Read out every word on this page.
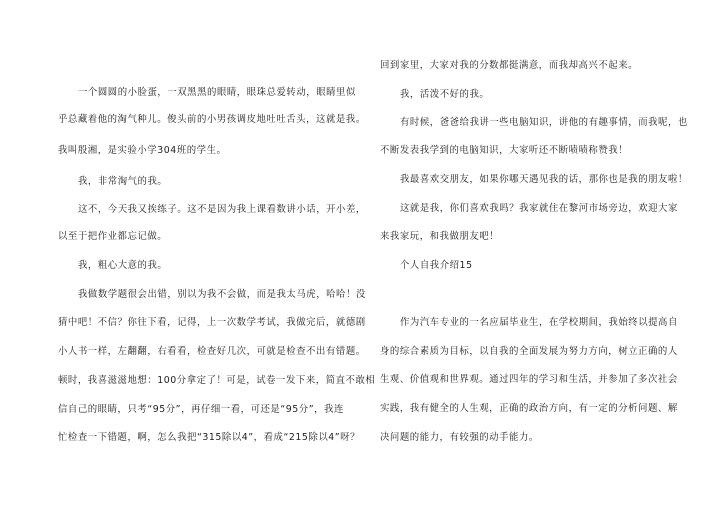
一个圆圆的小脸蛋，一双黑黑的眼睛，眼珠总爱转动，眼睛里似
乎总藏着他的淘气种儿。俊头前的小男孩调皮地吐吐舌头，这就是我。
我叫殷湘，是实验小学304班的学生。
我，非常淘气的我。
这不，今天我又挨练子。这不是因为我上课看数讲小话，开小差，
以至于把作业都忘记做。
我，粗心大意的我。
我做数学题很会出错，别以为我不会做，而是我太马虎，哈哈！没
猜中吧！不信？你往下看，记得，上一次数学考试，我做完后，就德剧
小人书一样，左翻翻，右看看，检查好几次，可就是检查不出有错题。
顿时，我喜滋滋地想：100分拿定了！可是，试卷一发下来，简直不敢相
信自己的眼睛，只考“95分”，再仔细一看，可还是“95分”，我连
忙检查一下错题，啊，怎么我把“315除以4”，看成“215除以4”呀？
回到家里，大家对我的分数都挺满意，而我却高兴不起来。
我，活泼不好的我。
有时候，爸爸给我讲一些电脑知识，讲他的有趣事情，而我呢，也
不断发表我学到的电脑知识，大家听还不断啧啧称赞我！
我最喜欢交朋友，如果你哪天遇见我的话，那你也是我的朋友啦！
这就是我，你们喜欢我吗？我家就住在黎河市场旁边，欢迎大家
来我家玩，和我做朋友吧！
个人自我介绍15
作为汽车专业的一名应届毕业生，在学校期间，我始终以提高自
身的综合素质为目标，以自我的全面发展为努力方向，树立正确的人
生观、价值观和世界观。通过四年的学习和生活，并参加了多次社会
实践，我有健全的人生观，正确的政治方向，有一定的分析问题、解
决问题的能力，有较强的动手能力。
